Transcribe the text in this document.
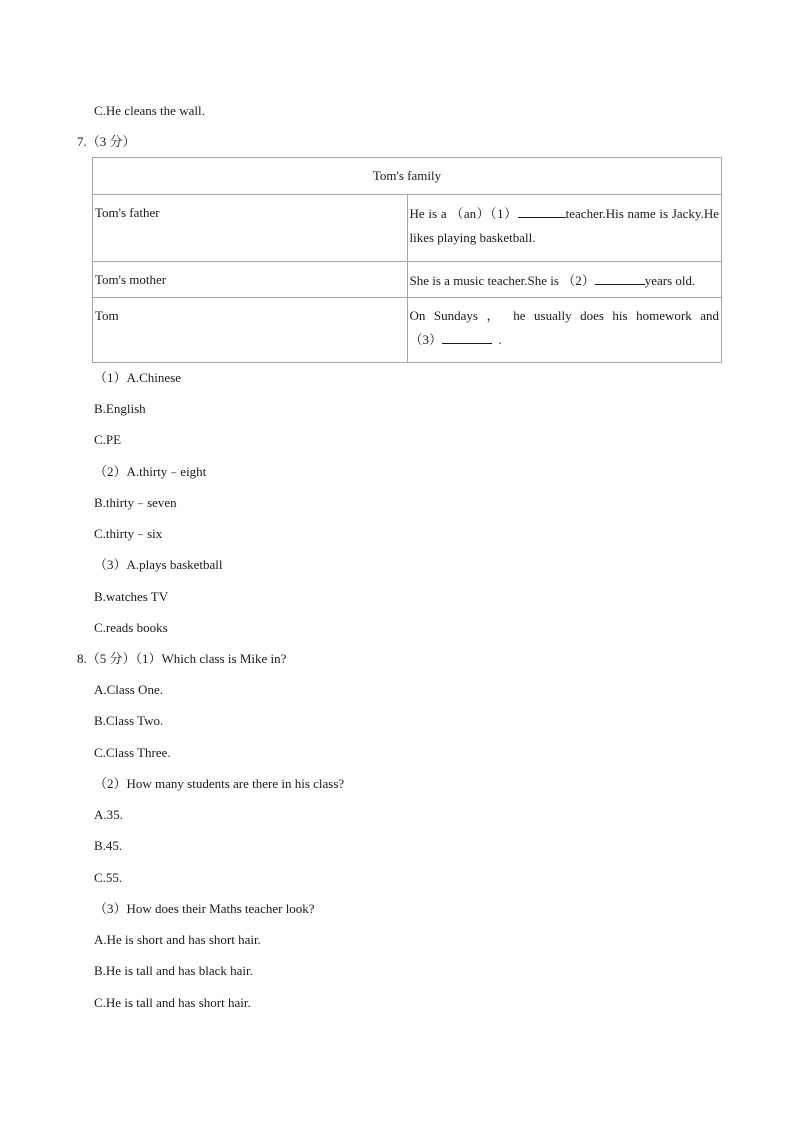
C.He cleans the wall.
7.（3 分）
Tom's family	
Tom's father	He is a （an）（1） teacher.His name is Jacky.He
likes playing basketball.
Tom's mother	She is a music teacher.She is （2） years old.

Tom	On Sundays ， he usually does his homework and
（3） .
（1）A.Chinese
B.English
C.PE
（2）A.thirty﹣eight
B.thirty﹣seven
C.thirty﹣six
（3）A.plays basketball
B.watches TV
C.reads books
8.（5 分）（1）Which class is Mike in?
A.Class One.
B.Class Two.
C.Class Three.
（2）How many students are there in his class?
A.35.
B.45.
C.55.
（3）How does their Maths teacher look?
A.He is short and has short hair.
B.He is tall and has black hair.
C.He is tall and has short hair.
